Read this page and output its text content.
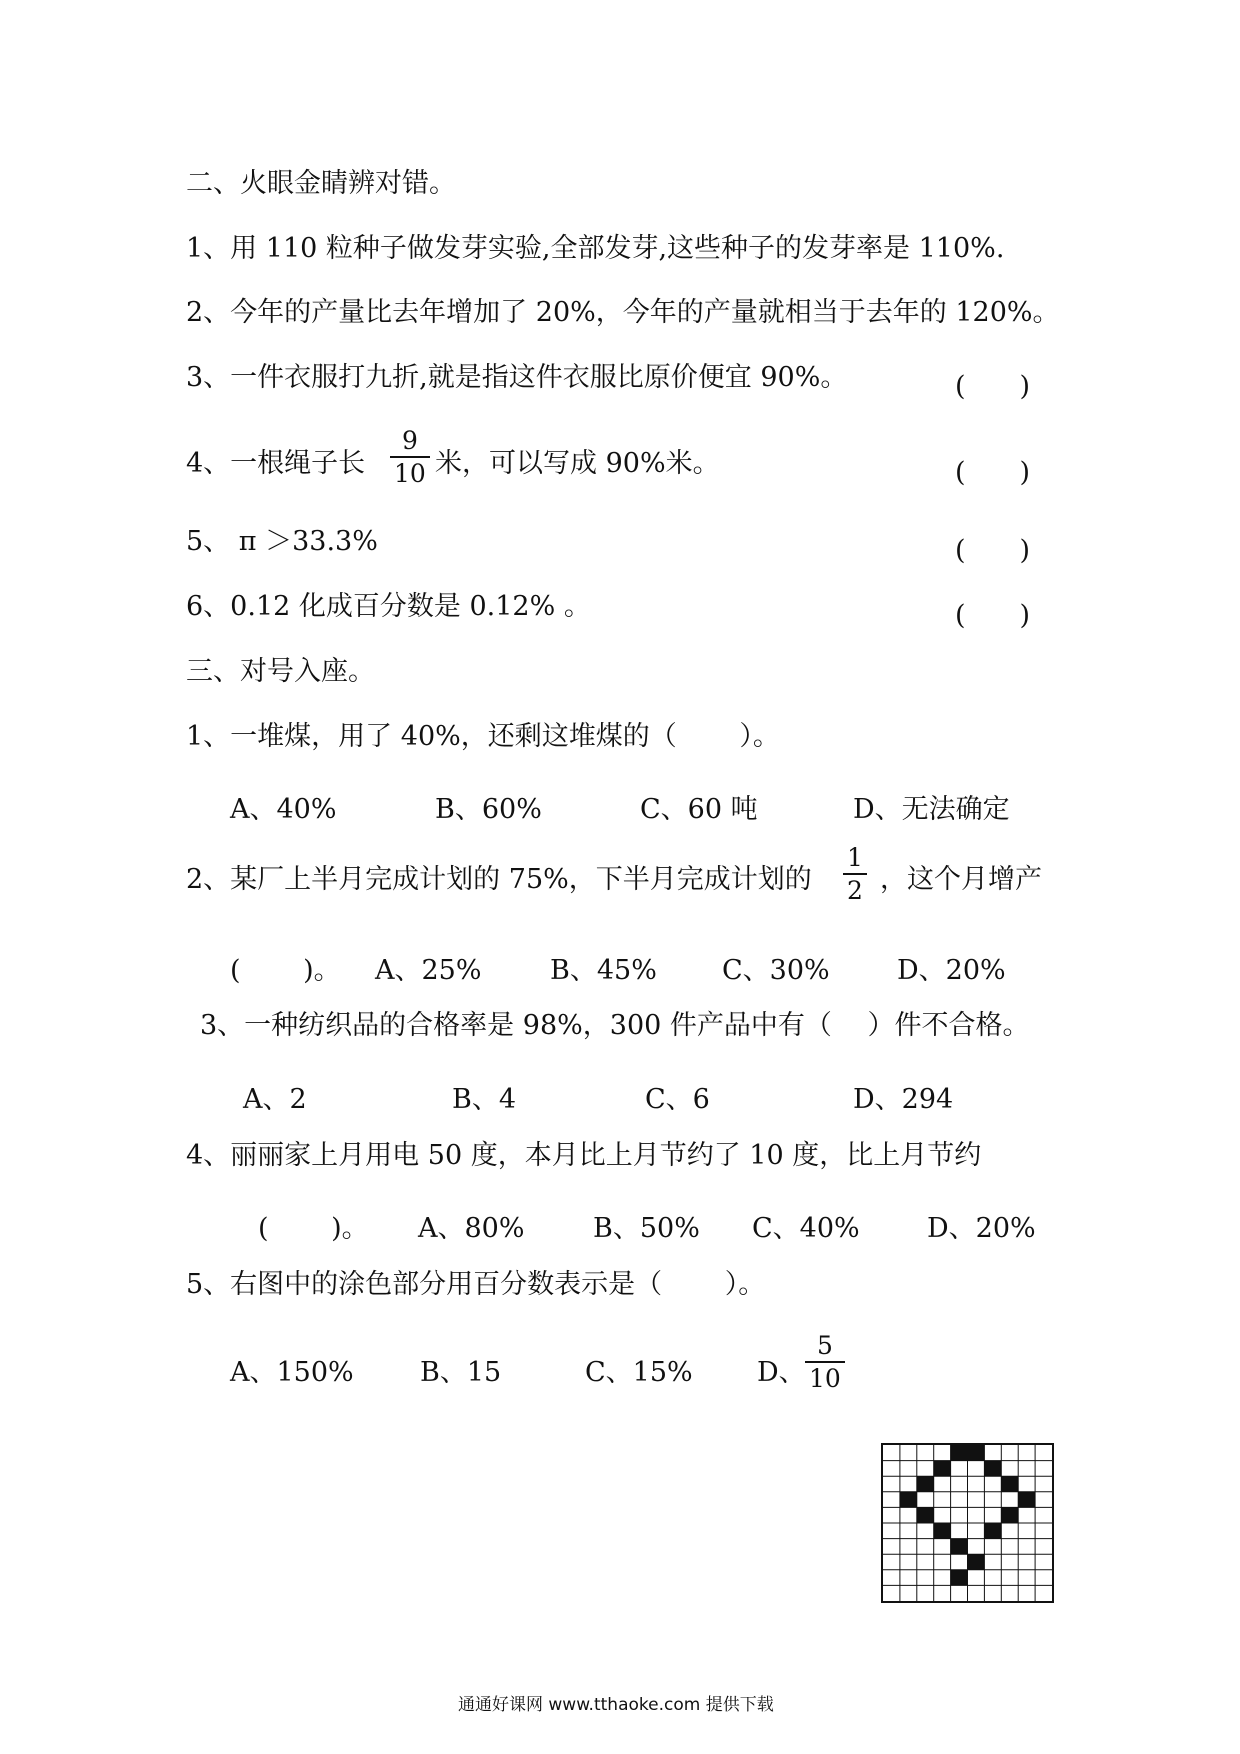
二、火眼金睛辨对错。
1、用 110 粒种子做发芽实验,全部发芽,这些种子的发芽率是 110%.
2、今年的产量比去年增加了 20%，今年的产量就相当于去年的 120%。
3、一件衣服打九折,就是指这件衣服比原价便宜 90%。	(　　)
4、一根绳子长 $\frac{9}{10}$ 米，可以写成 90%米。	(　　)
5、 π ＞33.3%	(　　)
6、0.12 化成百分数是 0.12% 。	(　　)
三、对号入座。
1、一堆煤，用了 40%，还剩这堆煤的（　　 ）。
A、40%	B、60%	C、60 吨	D、无法确定
2、某厂上半月完成计划的 75%，下半月完成计划的 $\frac{1}{2}$ ，这个月增产
(　　 )。 A、25%	B、45% C、30% D、20%
3、一种纺织品的合格率是 98%，300 件产品中有（　 ）件不合格。
A、2	B、4	C、6	D、294
4、丽丽家上月用电 50 度，本月比上月节约了 10 度，比上月节约
(　　 )。 A、80%	B、50% C、40% D、20%
5、右图中的涂色部分用百分数表示是（　　 ）。
A、150% B、15	C、15% D、 $\frac{5}{10}$
通通好课网 www.tthaoke.com 提供下载
